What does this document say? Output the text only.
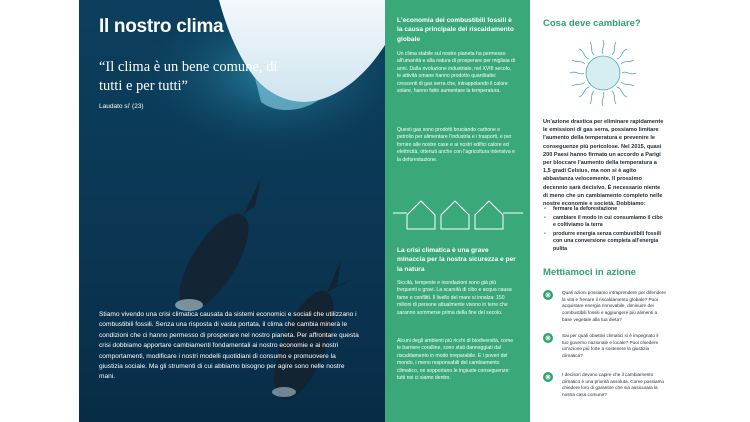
Il nostro clima
“Il clima è un bene comune, di tutti e per tutti”
Laudato si' (23)
Stiamo vivendo una crisi climatica causata da sistemi economici e sociali che utilizzano i combustibili fossili. Senza una risposta di vasta portata, il clima che cambia minerà le condizioni che ci hanno permesso di prosperare nel nostro pianeta. Per affrontare questa crisi dobbiamo apportare cambiamenti fondamentali ai nostro economie e ai nostri comportamenti, modificare i nostri modelli quotidiani di consumo e promuovere la giustizia sociale. Ma gli strumenti di cui abbiamo bisogno per agire sono nelle nostre mani.
L'economia dei combustibili fossili è la causa principale del riscaldamento globale
Un clima stabile sul nostro pianeta ha permesso all'umanità e alla natura di prosperare per migliaia di anni. Dalla rivoluzione industriale, nel XVIII secolo, le attività umane hanno prodotto quantitativi crescenti di gas serra che, intrappolando il calore solare, hanno fatto aumentare la temperatura.
Questi gas sono prodotti bruciando carbone e petrolio per alimentare l'industria e i trasporti, e per fornire alle nostre case e ai nostri edifici calore ed elettricità, ottenuti anche con l'agricoltura intensiva e la deforestazione.
La crisi climatica è una grave minaccia per la nostra sicurezza e per la natura
Siccità, tempeste e inondazioni sono già più frequenti e gravi. La scarsità di cibo e acqua causa fame e conflitti. Il livello del mare si innalza: 150 milioni di persone attualmente vivono in terre che saranno sommerse prima della fine del secolo.
Alcuni degli ambienti più ricchi di biodiversità, come le barriere coralline, sono stati danneggiati dal riscaldamento in modo irreparabile. E i poveri del mondo, i meno responsabili del cambiamento climatico, ne sopportano le ingiuste conseguenze: tutti noi ci siamo dentro.
Cosa deve cambiare?
Un'azione drastica per eliminare rapidamente le emissioni di gas serra, possiamo limitare l'aumento della temperatura e prevenire le conseguenze più pericolose. Nel 2015, quasi 200 Paesi hanno firmato un accordo a Parigi per bloccare l'aumento della temperatura a 1,5 gradi Celsius, ma non si è agito abbastanza velocemente. Il prossimo decennio sarà decisivo. È necessario niente di meno che un cambiamento completo nelle nostre economie e società. Dobbiamo:
• fermare la deforestazione
• cambiare il modo in cui consumiamo il cibo e coltiviamo la terra
• produrre energia senza combustibili fossili con una conversione completa all'energia pulita
Mettiamoci in azione
Quali azioni possiamo intraprendere per difendere la vita e frenare il riscaldamento globale? Puoi acquistare energia rinnovabile, diminuire dei combustibili fossili e aggiungere più alimenti a base vegetale alla tua dieta?
Sai per quali obiettivi climatici si è impegnato il tuo governo nazionale e locale? Puoi chiedere un'azione più forte a sostenere la giustizia climatica?
I decisori devono capire che il cambiamento climatico è una priorità assoluta. Come possiamo chiedere loro di garantire che sia assicurata la nostra casa comune?
